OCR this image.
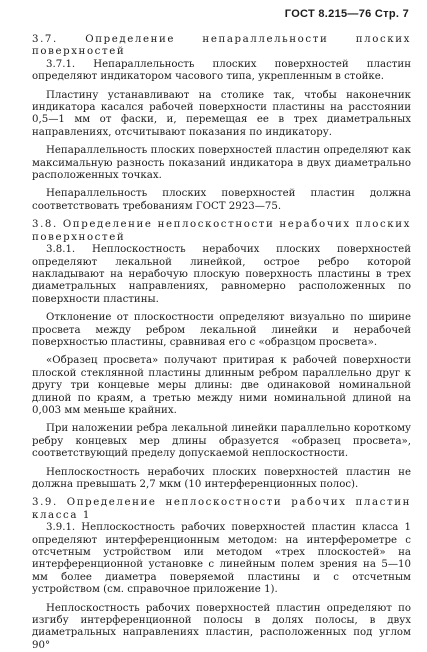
ГОСТ 8.215—76 Стр. 7

3.7. Определение непараллельности плоских поверхностей

3.7.1. Непараллельность плоских поверхностей пластин определяют индикатором часового типа, укрепленным в стойке.

Пластину устанавливают на столике так, чтобы наконечник индикатора касался рабочей поверхности пластины на расстоянии 0,5—1 мм от фаски, и, перемещая ее в трех диаметральных направлениях, отсчитывают показания по индикатору.

Непараллельность плоских поверхностей пластин определяют как максимальную разность показаний индикатора в двух диаметрально расположенных точках.

Непараллельность плоских поверхностей пластин должна соответствовать требованиям ГОСТ 2923—75.

3.8. Определение неплоскостности нерабочих плоских поверхностей

3.8.1. Неплоскостность нерабочих плоских поверхностей определяют лекальной линейкой, острое ребро которой накладывают на нерабочую плоскую поверхность пластины в трех диаметральных направлениях, равномерно расположенных по поверхности пластины.

Отклонение от плоскостности определяют визуально по ширине просвета между ребром лекальной линейки и нерабочей поверхностью пластины, сравнивая его с «образцом просвета».

«Образец просвета» получают притирая к рабочей поверхности плоской стеклянной пластины длинным ребром параллельно друг к другу три концевые меры длины: две одинаковой номинальной длиной по краям, а третью между ними номинальной длиной на 0,003 мм меньше крайних.

При наложении ребра лекальной линейки параллельно короткому ребру концевых мер длины образуется «образец просвета», соответствующий пределу допускаемой неплоскостности.

Неплоскостность нерабочих плоских поверхностей пластин не должна превышать 2,7 мкм (10 интерференционных полос).

3.9. Определение неплоскостности рабочих пластин класса 1

3.9.1. Неплоскостность рабочих поверхностей пластин класса 1 определяют интерференционным методом: на интерферометре с отсчетным устройством или методом «трех плоскостей» на интерференционной установке с линейным полем зрения на 5—10 мм более диаметра поверяемой пластины и с отсчетным устройством (см. справочное приложение 1).

Неплоскостность рабочих поверхностей пластин определяют по изгибу интерференционной полосы в долях полосы, в двух диаметральных направлениях пластин, расположенных под углом 90°
